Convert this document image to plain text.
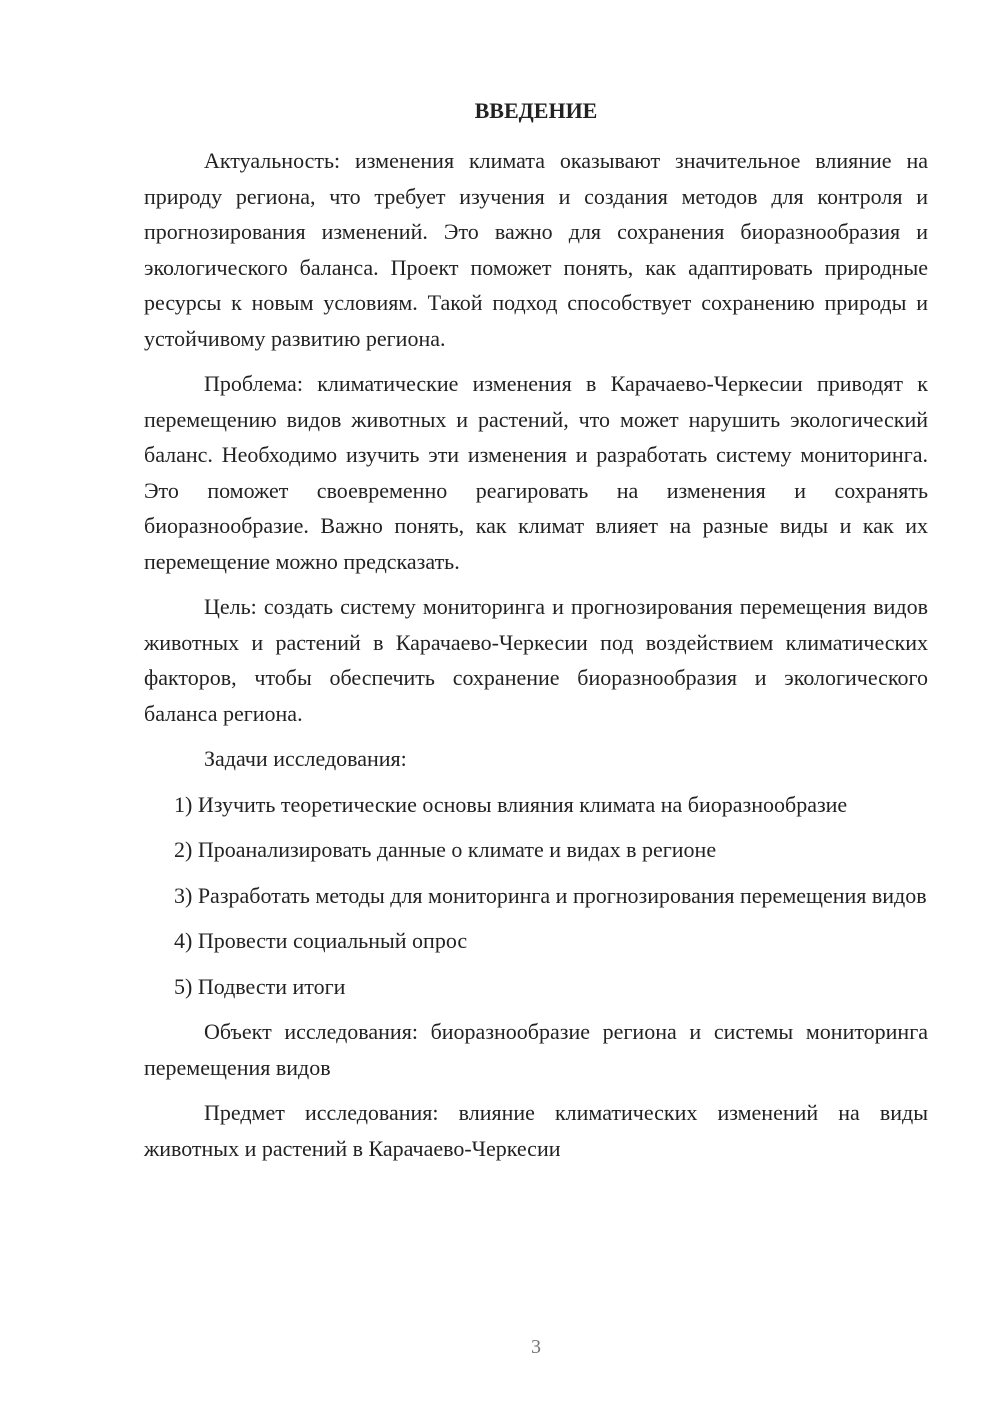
ВВЕДЕНИЕ

Актуальность: изменения климата оказывают значительное влияние на природу региона, что требует изучения и создания методов для контроля и прогнозирования изменений. Это важно для сохранения биоразнообразия и экологического баланса. Проект поможет понять, как адаптировать природные ресурсы к новым условиям. Такой подход способствует сохранению природы и устойчивому развитию региона.

Проблема: климатические изменения в Карачаево-Черкесии приводят к перемещению видов животных и растений, что может нарушить экологический баланс. Необходимо изучить эти изменения и разработать систему мониторинга. Это поможет своевременно реагировать на изменения и сохранять биоразнообразие. Важно понять, как климат влияет на разные виды и как их перемещение можно предсказать.

Цель: создать систему мониторинга и прогнозирования перемещения видов животных и растений в Карачаево-Черкесии под воздействием климатических факторов, чтобы обеспечить сохранение биоразнообразия и экологического баланса региона.

Задачи исследования:

1) Изучить теоретические основы влияния климата на биоразнообразие

2) Проанализировать данные о климате и видах в регионе

3) Разработать методы для мониторинга и прогнозирования перемещения видов

4) Провести социальный опрос

5) Подвести итоги

Объект исследования: биоразнообразие региона и системы мониторинга перемещения видов

Предмет исследования: влияние климатических изменений на виды животных и растений в Карачаево-Черкесии

3
